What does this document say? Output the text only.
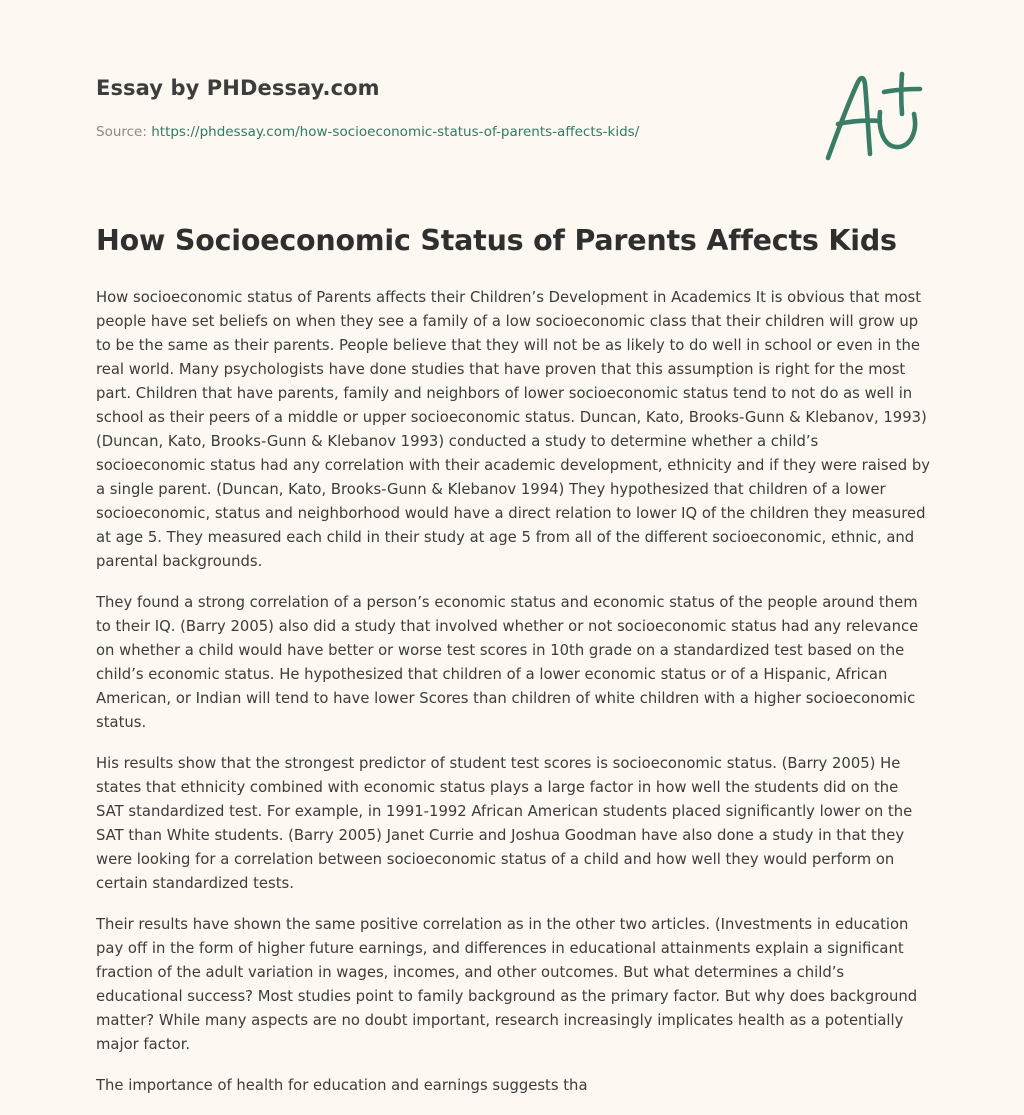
Essay by PHDessay.com
Source: https://phdessay.com/how-socioeconomic-status-of-parents-affects-kids/
How Socioeconomic Status of Parents Affects Kids

How socioeconomic status of Parents affects their Children’s Development in Academics It is obvious that most people have set beliefs on when they see a family of a low socioeconomic class that their children will grow up to be the same as their parents. People believe that they will not be as likely to do well in school or even in the real world. Many psychologists have done studies that have proven that this assumption is right for the most part. Children that have parents, family and neighbors of lower socioeconomic status tend to not do as well in school as their peers of a middle or upper socioeconomic status. Duncan, Kato, Brooks-Gunn & Klebanov, 1993) (Duncan, Kato, Brooks-Gunn & Klebanov 1993) conducted a study to determine whether a child’s socioeconomic status had any correlation with their academic development, ethnicity and if they were raised by a single parent. (Duncan, Kato, Brooks-Gunn & Klebanov 1994) They hypothesized that children of a lower socioeconomic, status and neighborhood would have a direct relation to lower IQ of the children they measured at age 5. They measured each child in their study at age 5 from all of the different socioeconomic, ethnic, and parental backgrounds.

They found a strong correlation of a person’s economic status and economic status of the people around them to their IQ. (Barry 2005) also did a study that involved whether or not socioeconomic status had any relevance on whether a child would have better or worse test scores in 10th grade on a standardized test based on the child’s economic status. He hypothesized that children of a lower economic status or of a Hispanic, African American, or Indian will tend to have lower Scores than children of white children with a higher socioeconomic status.

His results show that the strongest predictor of student test scores is socioeconomic status. (Barry 2005) He states that ethnicity combined with economic status plays a large factor in how well the students did on the SAT standardized test. For example, in 1991-1992 African American students placed significantly lower on the SAT than White students. (Barry 2005) Janet Currie and Joshua Goodman have also done a study in that they were looking for a correlation between socioeconomic status of a child and how well they would perform on certain standardized tests.

Their results have shown the same positive correlation as in the other two articles. (Investments in education pay off in the form of higher future earnings, and differences in educational attainments explain a significant fraction of the adult variation in wages, incomes, and other outcomes. But what determines a child’s educational success? Most studies point to family background as the primary factor. But why does background matter? While many aspects are no doubt important, research increasingly implicates health as a potentially major factor.

The importance of health for education and earnings suggests tha
